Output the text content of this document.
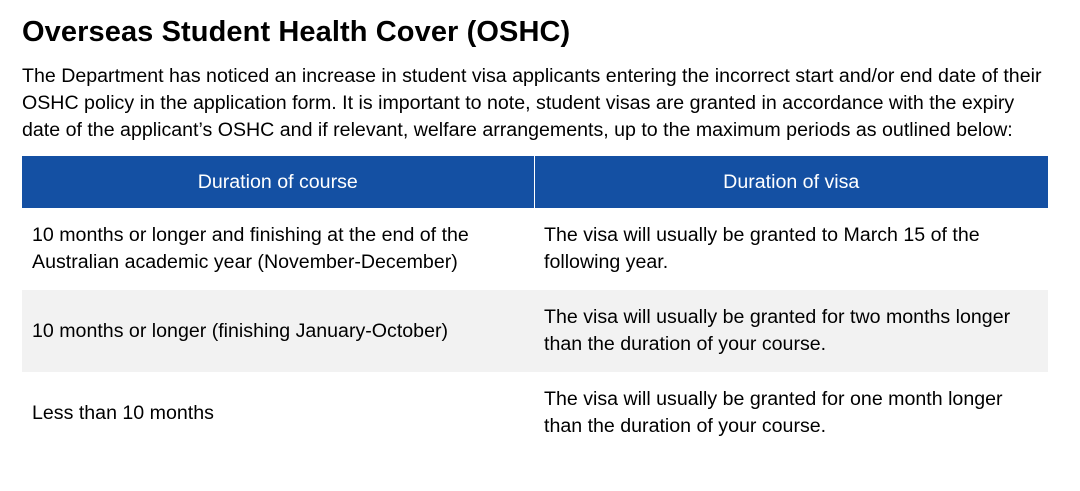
Overseas Student Health Cover (OSHC)

The Department has noticed an increase in student visa applicants entering the incorrect start and/or end date of their OSHC policy in the application form. It is important to note, student visas are granted in accordance with the expiry date of the applicant’s OSHC and if relevant, welfare arrangements, up to the maximum periods as outlined below:

Duration of course	Duration of visa
10 months or longer and finishing at the end of the Australian academic year (November-December)	The visa will usually be granted to March 15 of the following year.
10 months or longer (finishing January-October)	The visa will usually be granted for two months longer than the duration of your course.
Less than 10 months	The visa will usually be granted for one month longer than the duration of your course.
